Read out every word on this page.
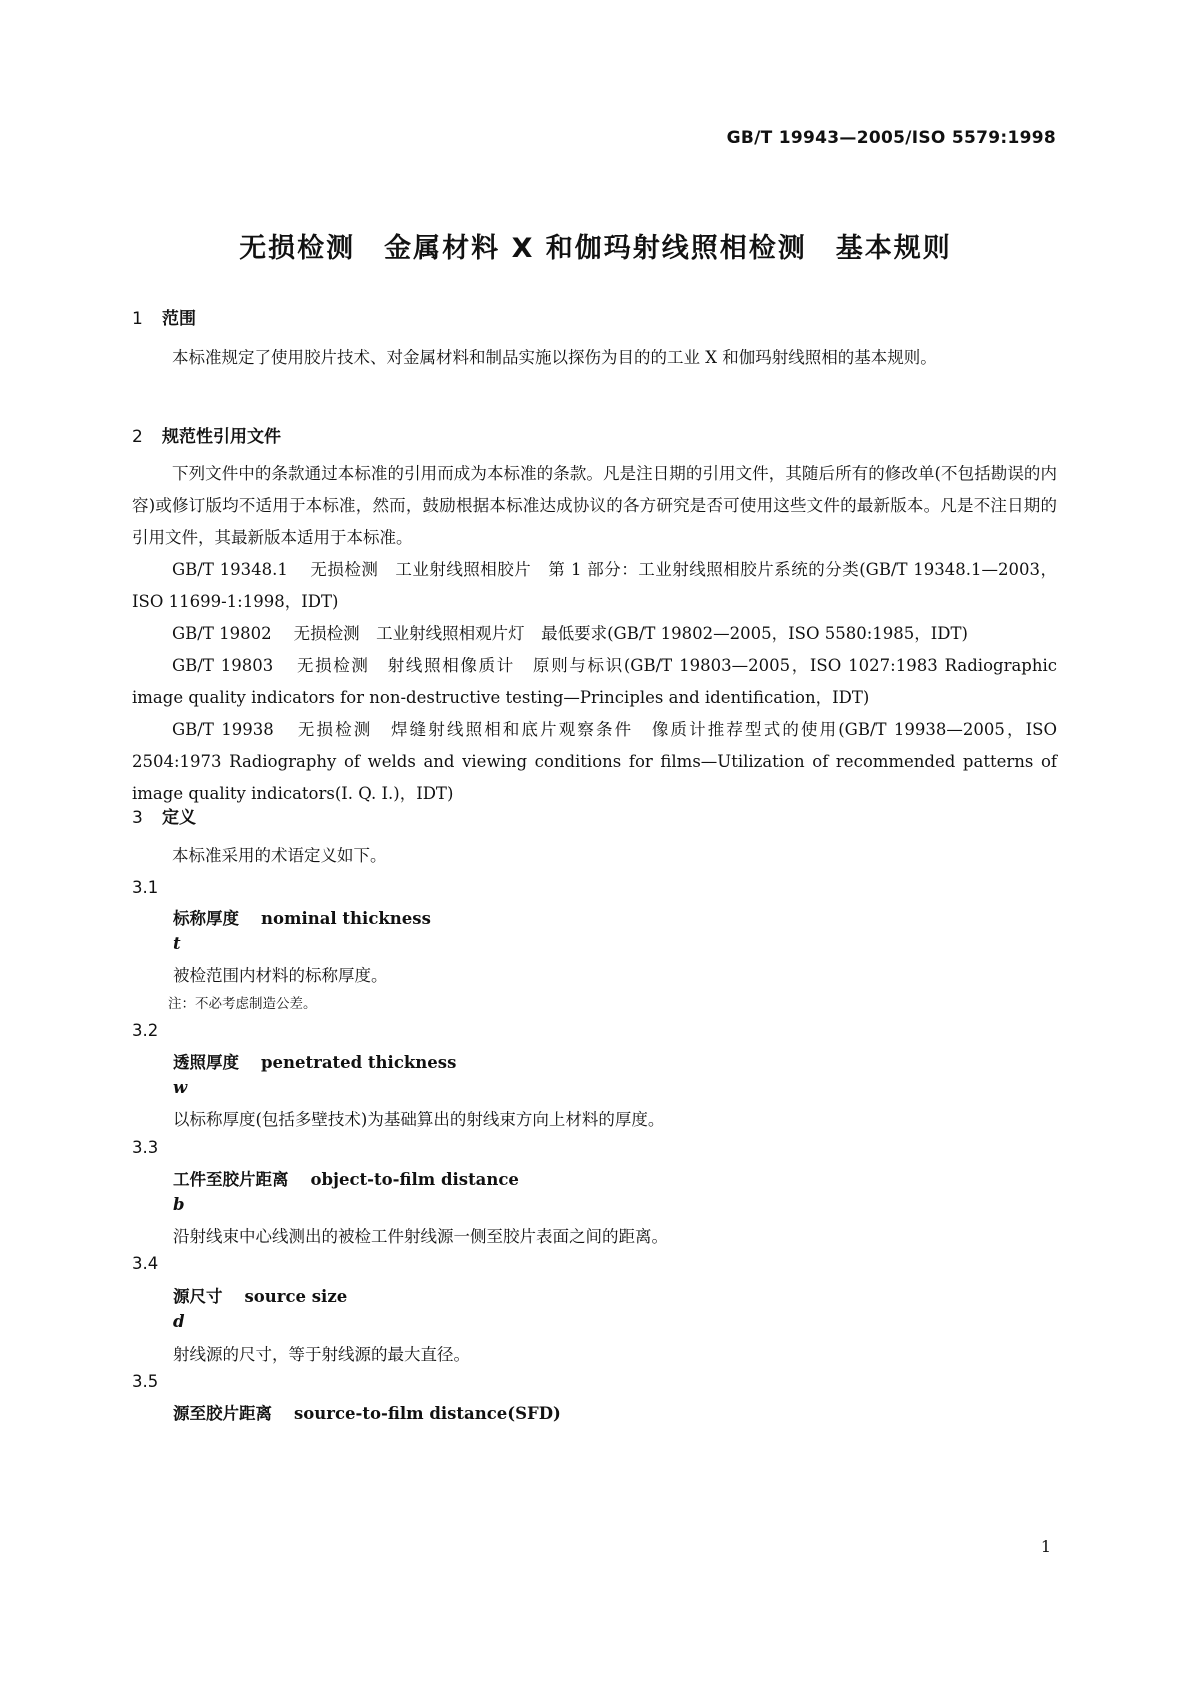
GB/T 19943—2005/ISO 5579:1998
无损检测　金属材料 X 和伽玛射线照相检测　基本规则
1 范围

本标准规定了使用胶片技术、对金属材料和制品实施以探伤为目的的工业 X 和伽玛射线照相的基本规则。

2 规范性引用文件

下列文件中的条款通过本标准的引用而成为本标准的条款。凡是注日期的引用文件，其随后所有的修改单(不包括勘误的内容)或修订版均不适用于本标准，然而，鼓励根据本标准达成协议的各方研究是否可使用这些文件的最新版本。凡是不注日期的引用文件，其最新版本适用于本标准。

GB/T 19348.1 无损检测　工业射线照相胶片　第 1 部分：工业射线照相胶片系统的分类(GB/T 19348.1—2003，ISO 11699-1:1998，IDT)

GB/T 19802 无损检测　工业射线照相观片灯　最低要求(GB/T 19802—2005，ISO 5580:1985，IDT)

GB/T 19803 无损检测　射线照相像质计　原则与标识(GB/T 19803—2005，ISO 1027:1983 Radiographic image quality indicators for non-destructive testing—Principles and identification，IDT)

GB/T 19938 无损检测　焊缝射线照相和底片观察条件　像质计推荐型式的使用(GB/T 19938—2005，ISO 2504:1973 Radiography of welds and viewing conditions for films—Utilization of recommended patterns of image quality indicators(I. Q. I.)，IDT)

3 定义

本标准采用的术语定义如下。

3.1
标称厚度 nominal thickness
t
被检范围内材料的标称厚度。
注：不必考虑制造公差。
3.2
透照厚度 penetrated thickness
w
以标称厚度(包括多壁技术)为基础算出的射线束方向上材料的厚度。
3.3
工件至胶片距离 object-to-film distance
b
沿射线束中心线测出的被检工件射线源一侧至胶片表面之间的距离。
3.4
源尺寸 source size
d
射线源的尺寸，等于射线源的最大直径。
3.5
源至胶片距离 source-to-film distance(SFD)
1
